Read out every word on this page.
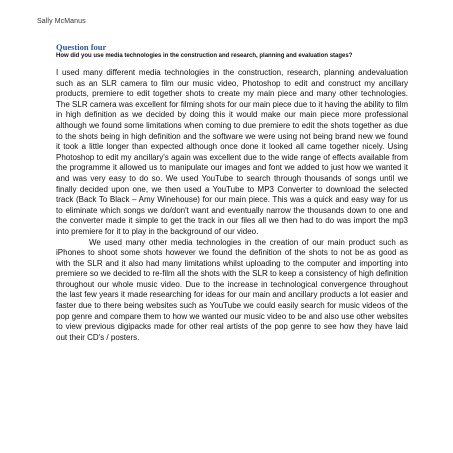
Sally McManus
Question four
How did you use media technologies in the construction and research, planning and evaluation stages?

I used many different media technologies in the construction, research, planning andevaluation such as an SLR camera to film our music video, Photoshop to edit and construct my ancillary products, premiere to edit together shots to create my main piece and many other technologies. The SLR camera was excellent for filming shots for our main piece due to it having the ability to film in high definition as we decided by doing this it would make our main piece more professional although we found some limitations when coming to due premiere to edit the shots together as due to the shots being in high definition and the software we were using not being brand new we found it took a little longer than expected although once done it looked all came together nicely. Using Photoshop to edit my ancillary's again was excellent due to the wide range of effects available from the programme it allowed us to manipulate our images and font we added to just how we wanted it and was very easy to do so. We used YouTube to search through thousands of songs until we finally decided upon one, we then used a YouTube to MP3 Converter to download the selected track (Back To Black – Amy Winehouse) for our main piece. This was a quick and easy way for us to eliminate which songs we do/don't want and eventually narrow the thousands down to one and the converter made it simple to get the track in our files all we then had to do was import the mp3 into premiere for it to play in the background of our video.

We used many other media technologies in the creation of our main product such as iPhones to shoot some shots however we found the definition of the shots to not be as good as with the SLR and it also had many limitations whilst uploading to the computer and importing into premiere so we decided to re-film all the shots with the SLR to keep a consistency of high definition throughout our whole music video. Due to the increase in technological convergence throughout the last few years it made researching for ideas for our main and ancillary products a lot easier and faster due to there being websites such as YouTube we could easily search for music videos of the pop genre and compare them to how we wanted our music video to be and also use other websites to view previous digipacks made for other real artists of the pop genre to see how they have laid out their CD's / posters.
